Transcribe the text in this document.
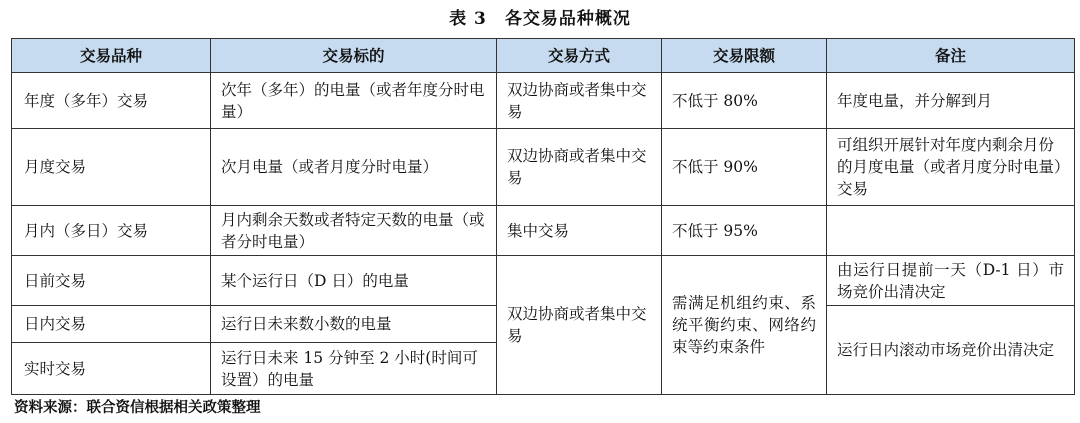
表 3　各交易品种概况
交易品种	交易标的	交易方式	交易限额	备注
年度（多年）交易	次年（多年）的电量（或者年度分时电量）	双边协商或者集中交易	不低于 80%	年度电量，并分解到月
月度交易	次月电量（或者月度分时电量）	双边协商或者集中交易	不低于 90%	可组织开展针对年度内剩余月份的月度电量（或者月度分时电量）交易
月内（多日）交易	月内剩余天数或者特定天数的电量（或者分时电量）	集中交易	不低于 95%	
日前交易	某个运行日（D 日）的电量	双边协商或者集中交易	需满足机组约束、系统平衡约束、网络约束等约束条件	由运行日提前一天（D-1 日）市场竞价出清决定
日内交易	运行日未来数小数的电量			运行日内滚动市场竞价出清决定
实时交易	运行日未来 15 分钟至 2 小时(时间可设置）的电量			
资料来源：联合资信根据相关政策整理
